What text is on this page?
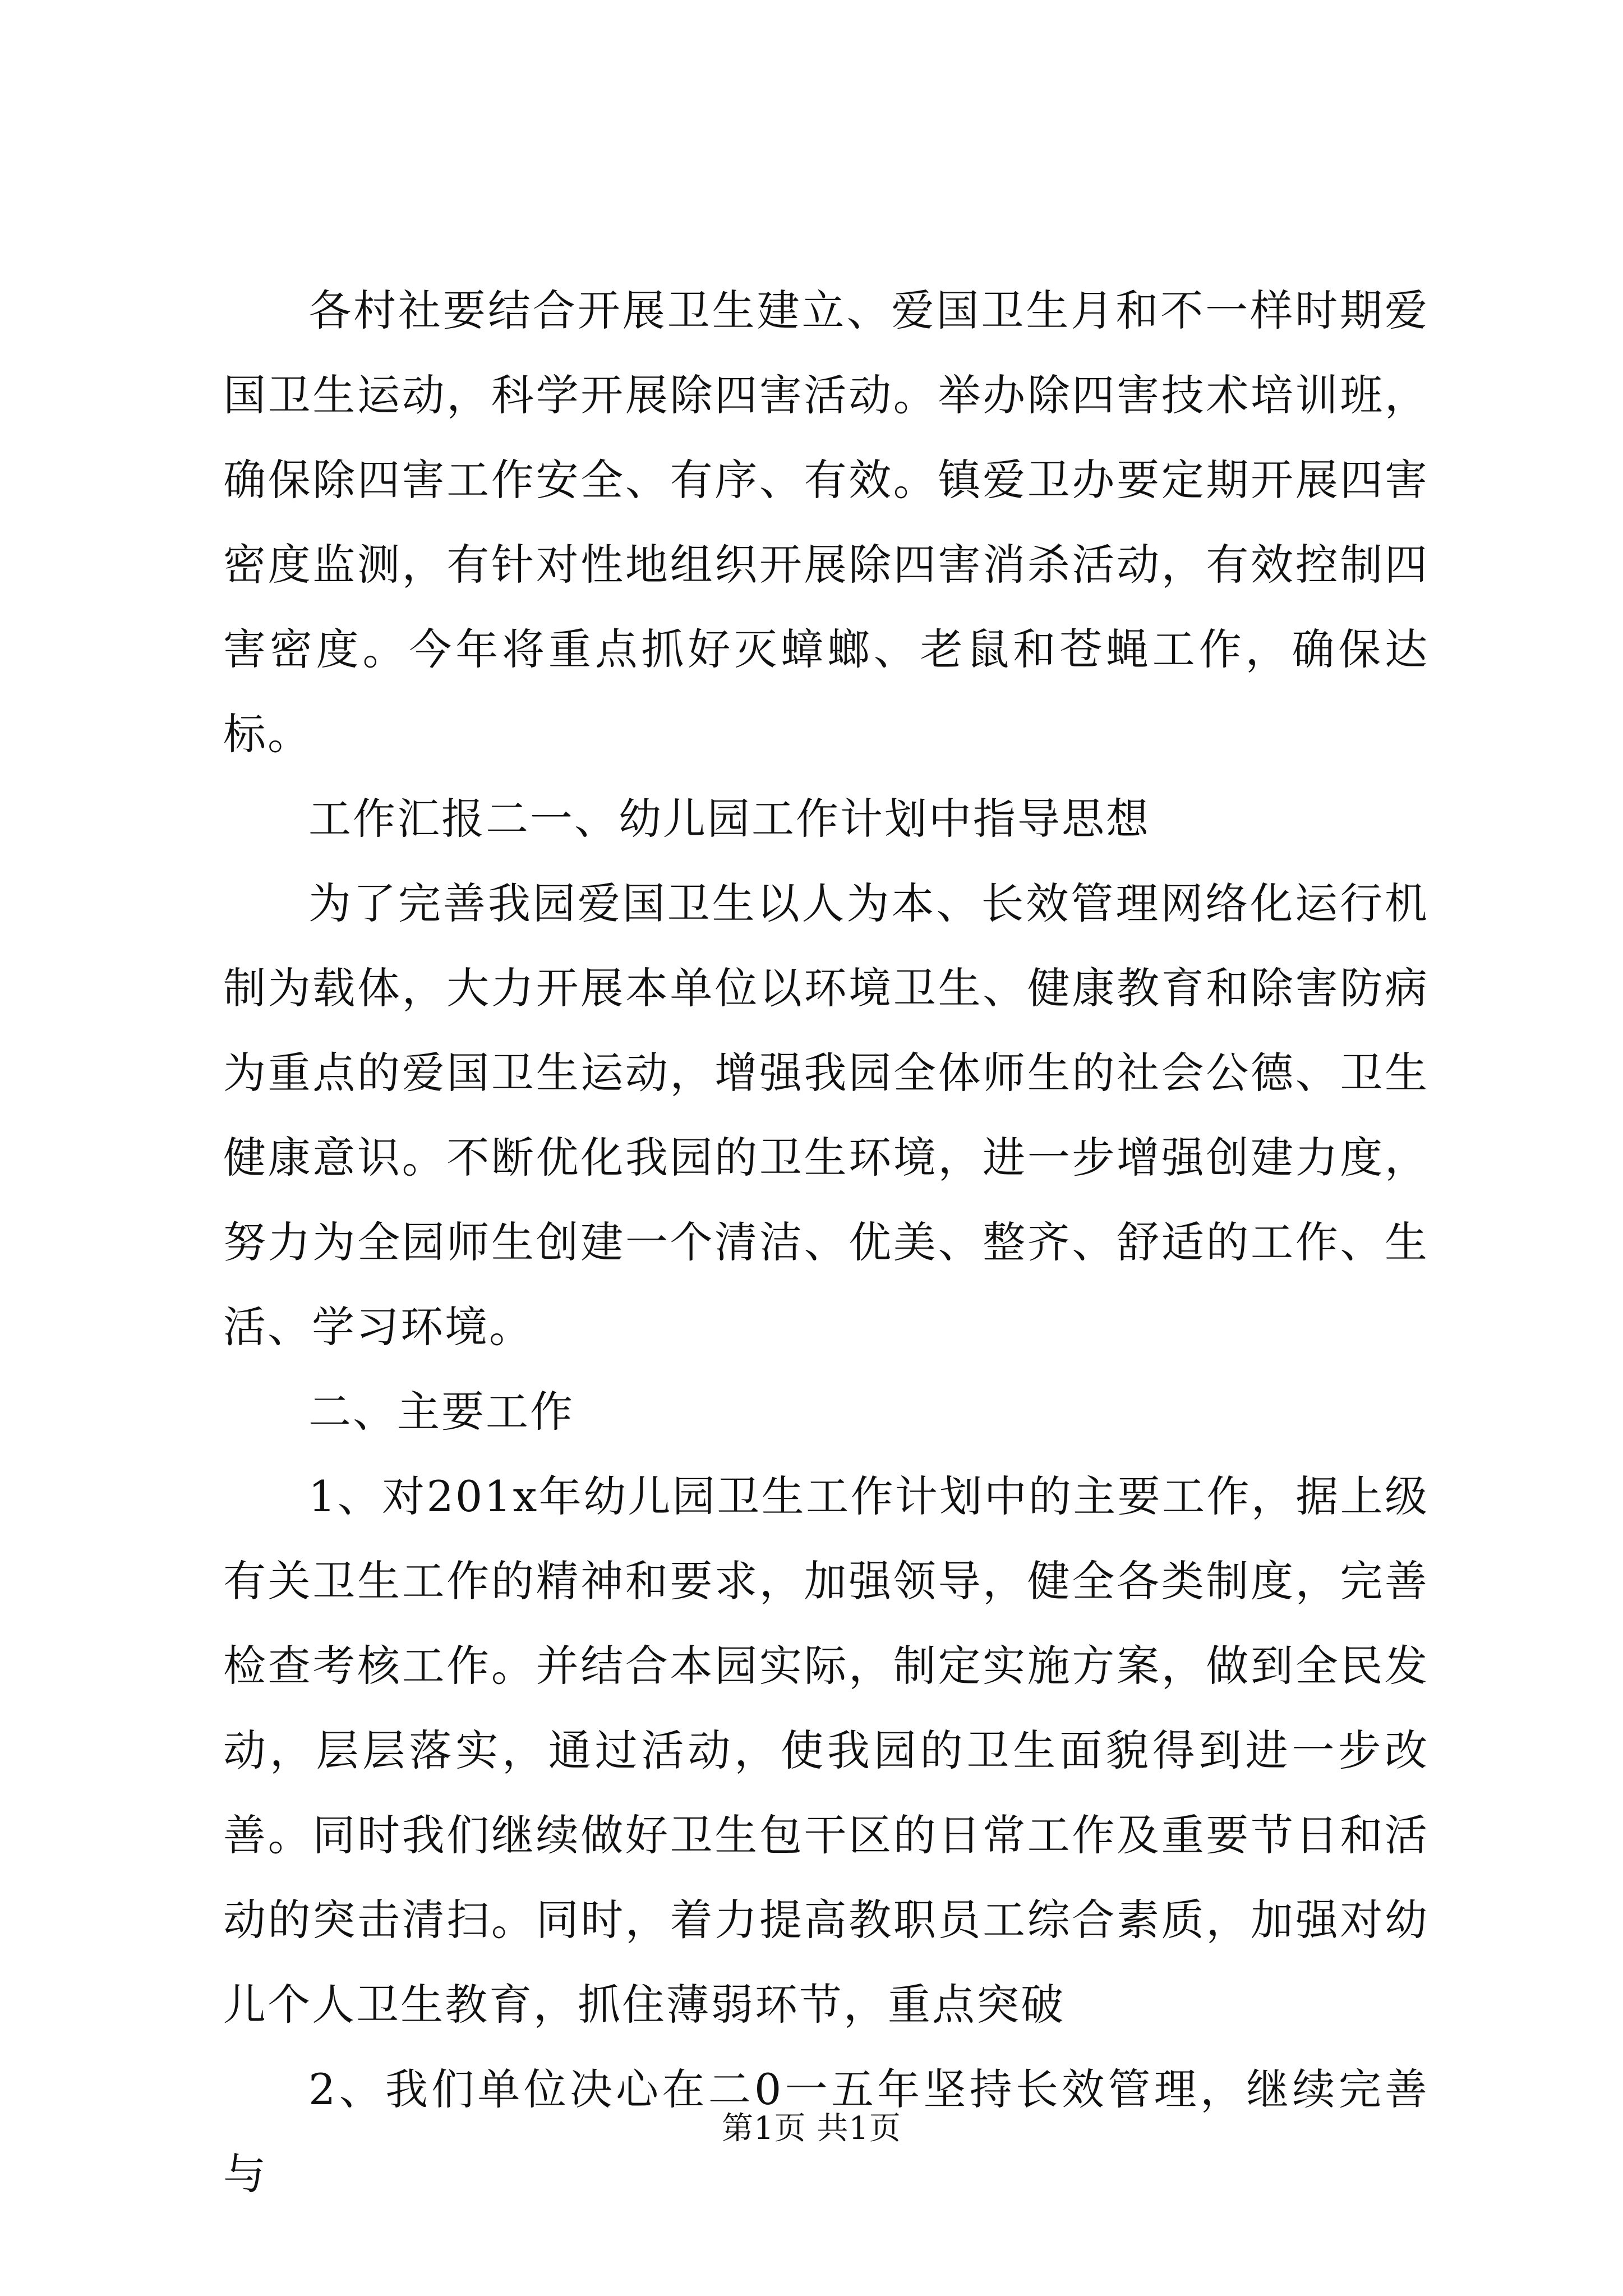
各村社要结合开展卫生建立、爱国卫生月和不一样时期爱国卫生运动，科学开展除四害活动。举办除四害技术培训班，确保除四害工作安全、有序、有效。镇爱卫办要定期开展四害密度监测，有针对性地组织开展除四害消杀活动，有效控制四害密度。今年将重点抓好灭蟑螂、老鼠和苍蝇工作，确保达标。

工作汇报二一、幼儿园工作计划中指导思想

为了完善我园爱国卫生以人为本、长效管理网络化运行机制为载体，大力开展本单位以环境卫生、健康教育和除害防病为重点的爱国卫生运动，增强我园全体师生的社会公德、卫生健康意识。不断优化我园的卫生环境，进一步增强创建力度，努力为全园师生创建一个清洁、优美、整齐、舒适的工作、生活、学习环境。

二、主要工作

1、对201x年幼儿园卫生工作计划中的主要工作，据上级有关卫生工作的精神和要求，加强领导，健全各类制度，完善检查考核工作。并结合本园实际，制定实施方案，做到全民发动，层层落实，通过活动，使我园的卫生面貌得到进一步改善。同时我们继续做好卫生包干区的日常工作及重要节日和活动的突击清扫。同时，着力提高教职员工综合素质，加强对幼儿个人卫生教育，抓住薄弱环节，重点突破

2、我们单位决心在二0一五年坚持长效管理，继续完善与

第1页 共1页
